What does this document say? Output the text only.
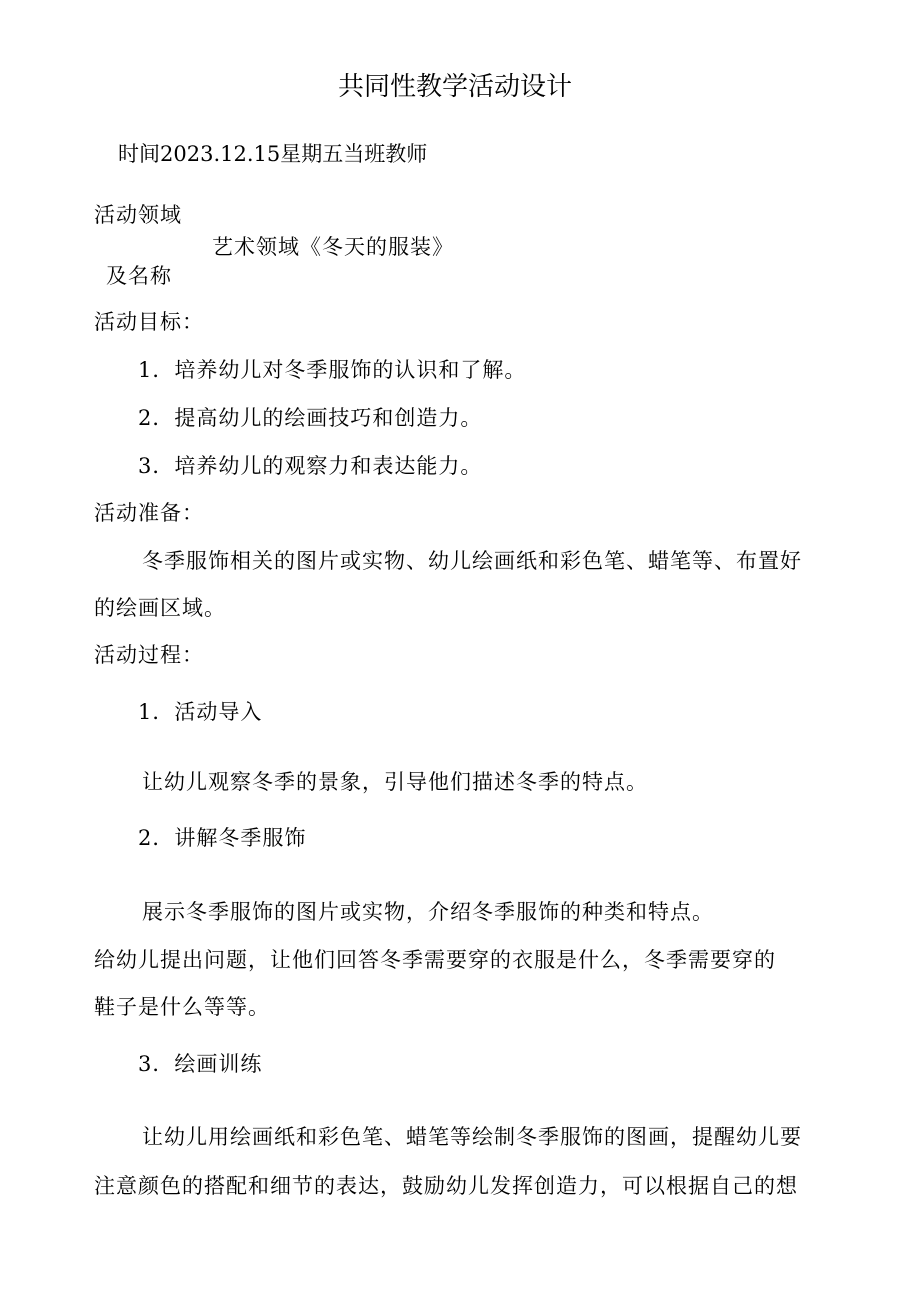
共同性教学活动设计
时间2023.12.15星期五当班教师
活动领域
艺术领域《冬天的服装》
及名称
活动目标：
1．培养幼儿对冬季服饰的认识和了解。
2．提高幼儿的绘画技巧和创造力。
3．培养幼儿的观察力和表达能力。
活动准备：
冬季服饰相关的图片或实物、幼儿绘画纸和彩色笔、蜡笔等、布置好
的绘画区域。
活动过程：
1．活动导入
让幼儿观察冬季的景象，引导他们描述冬季的特点。
2．讲解冬季服饰
展示冬季服饰的图片或实物，介绍冬季服饰的种类和特点。
给幼儿提出问题，让他们回答冬季需要穿的衣服是什么，冬季需要穿的
鞋子是什么等等。
3．绘画训练
让幼儿用绘画纸和彩色笔、蜡笔等绘制冬季服饰的图画，提醒幼儿要
注意颜色的搭配和细节的表达，鼓励幼儿发挥创造力，可以根据自己的想
